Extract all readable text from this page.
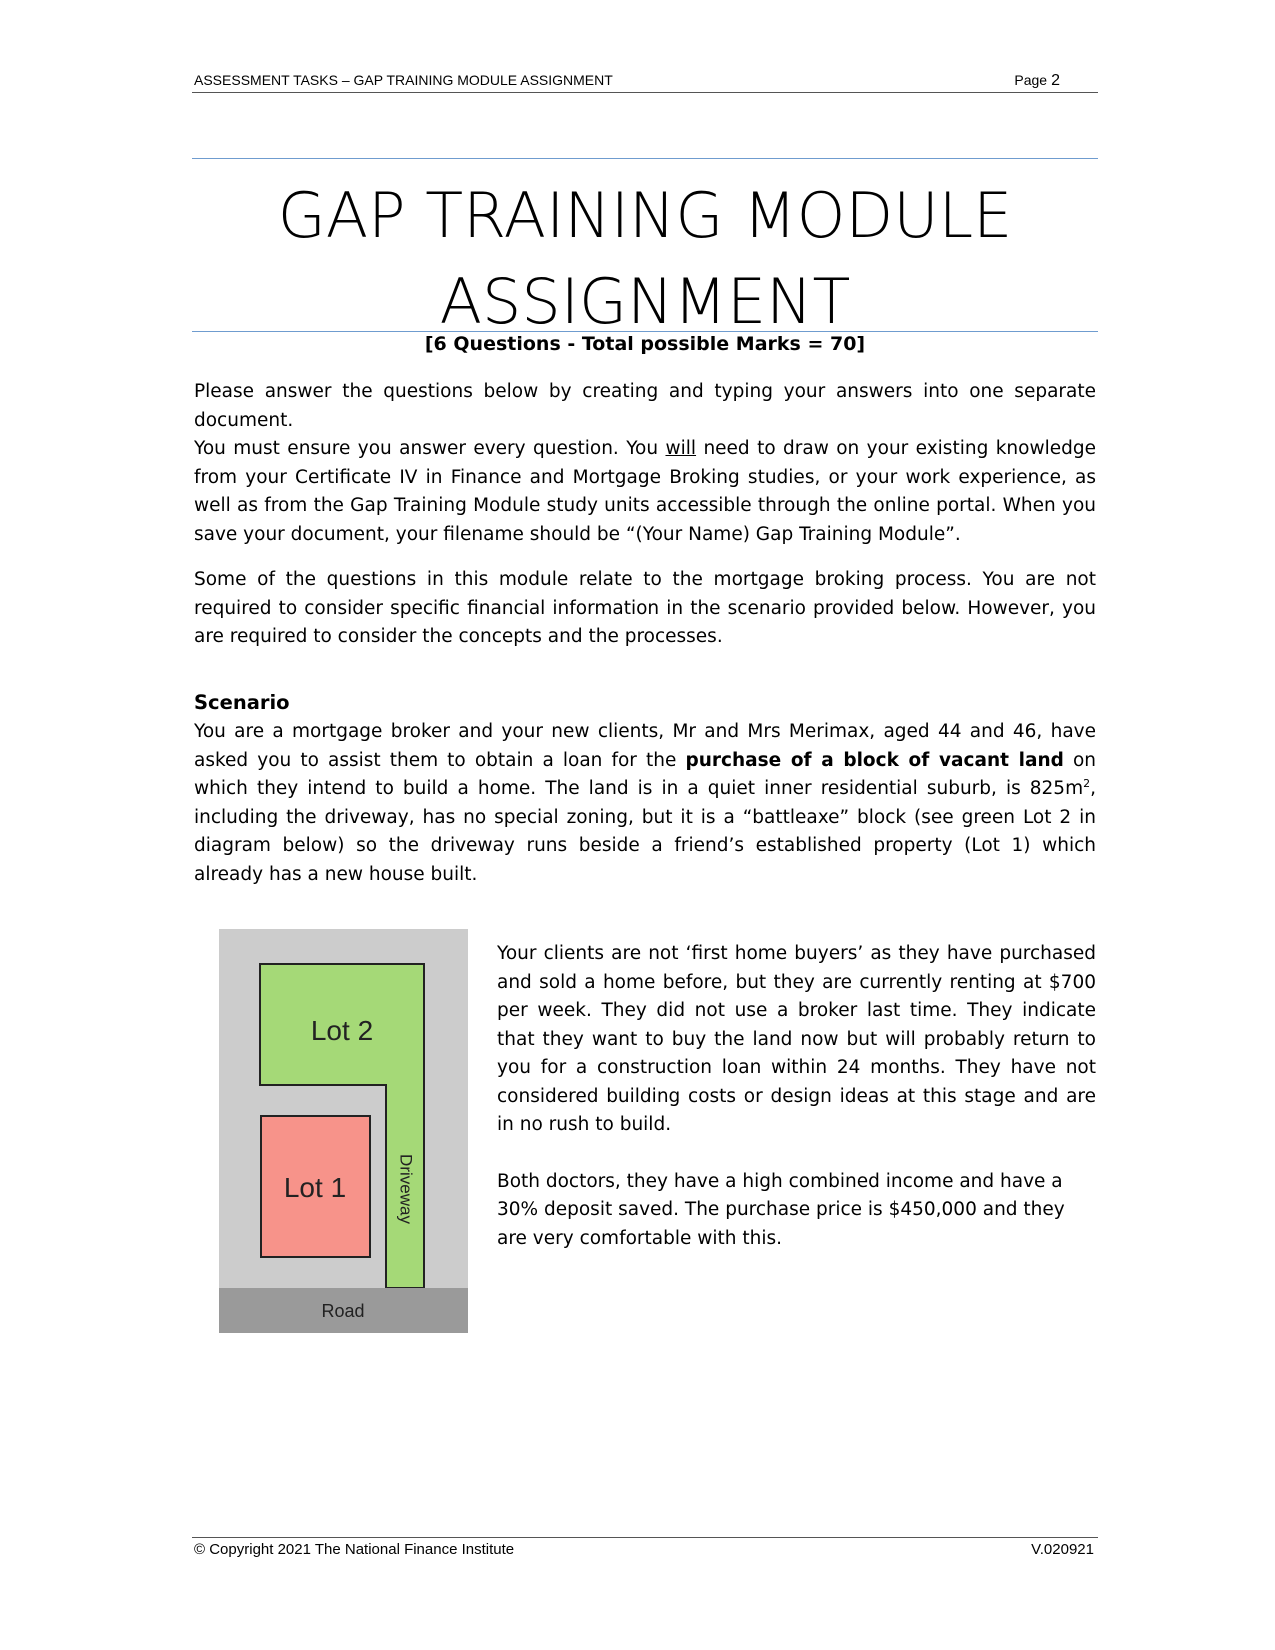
ASSESSMENT TASKS – GAP TRAINING MODULE ASSIGNMENT	Page 2
GAP TRAINING MODULE
ASSIGNMENT
[6 Questions - Total possible Marks = 70]

Please answer the questions below by creating and typing your answers into one separate document.

You must ensure you answer every question. You will need to draw on your existing knowledge from your Certificate IV in Finance and Mortgage Broking studies, or your work experience, as well as from the Gap Training Module study units accessible through the online portal. When you save your document, your filename should be “(Your Name) Gap Training Module”.

Some of the questions in this module relate to the mortgage broking process. You are not required to consider specific financial information in the scenario provided below. However, you are required to consider the concepts and the processes.

Scenario

You are a mortgage broker and your new clients, Mr and Mrs Merimax, aged 44 and 46, have asked you to assist them to obtain a loan for the purchase of a block of vacant land on which they intend to build a home. The land is in a quiet inner residential suburb, is $825m^2$, including the driveway, has no special zoning, but it is a “battleaxe” block (see green Lot 2 in diagram below) so the driveway runs beside a friend’s established property (Lot 1) which already has a new house built.

Lot 2
Lot 1	Driveway
Road

Your clients are not ‘first home buyers’ as they have purchased and sold a home before, but they are currently renting at $700 per week. They did not use a broker last time. They indicate that they want to buy the land now but will probably return to you for a construction loan within 24 months. They have not considered building costs or design ideas at this stage and are in no rush to build.

Both doctors, they have a high combined income and have a 30% deposit saved. The purchase price is $450,000 and they are very comfortable with this.

© Copyright 2021 The National Finance Institute	V.020921
